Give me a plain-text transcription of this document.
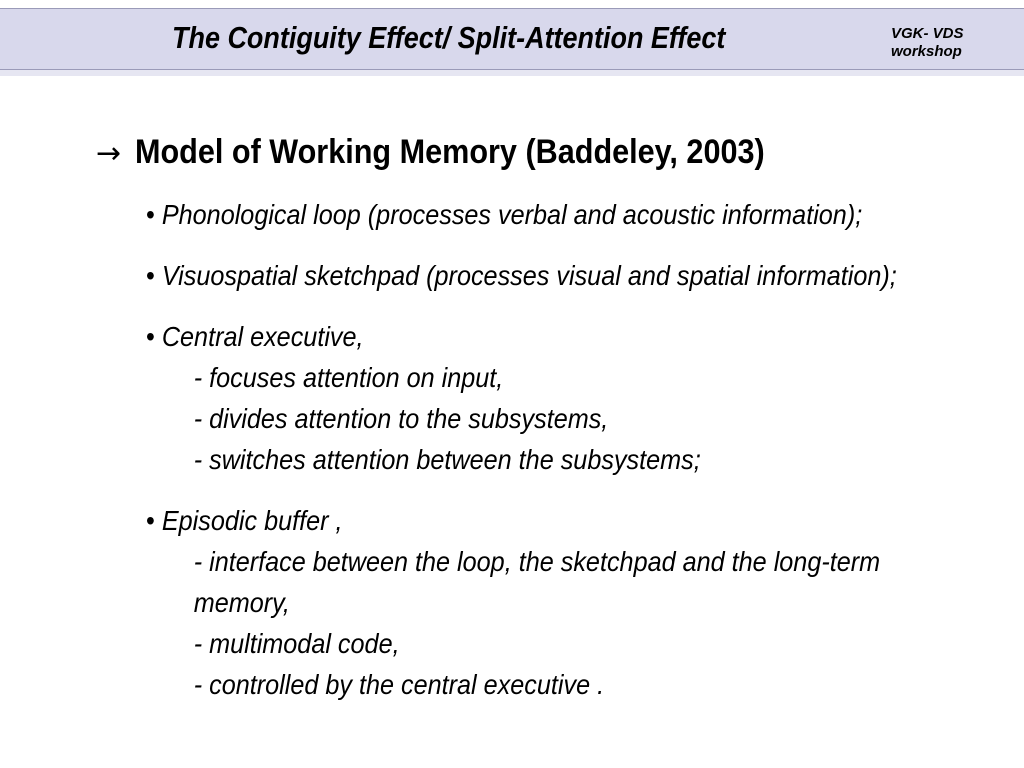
The Contiguity Effect/ Split-Attention Effect	VGK- VDS
workshop
→ Model of Working Memory (Baddeley, 2003)
• Phonological loop (processes verbal and acoustic information);
• Visuospatial sketchpad (processes visual and spatial information);
• Central executive,
- focuses attention on input,
- divides attention to the subsystems,
- switches attention between the subsystems;
• Episodic buffer ,
- interface between the loop, the sketchpad and the long-term
memory,
- multimodal code,
- controlled by the central executive .
